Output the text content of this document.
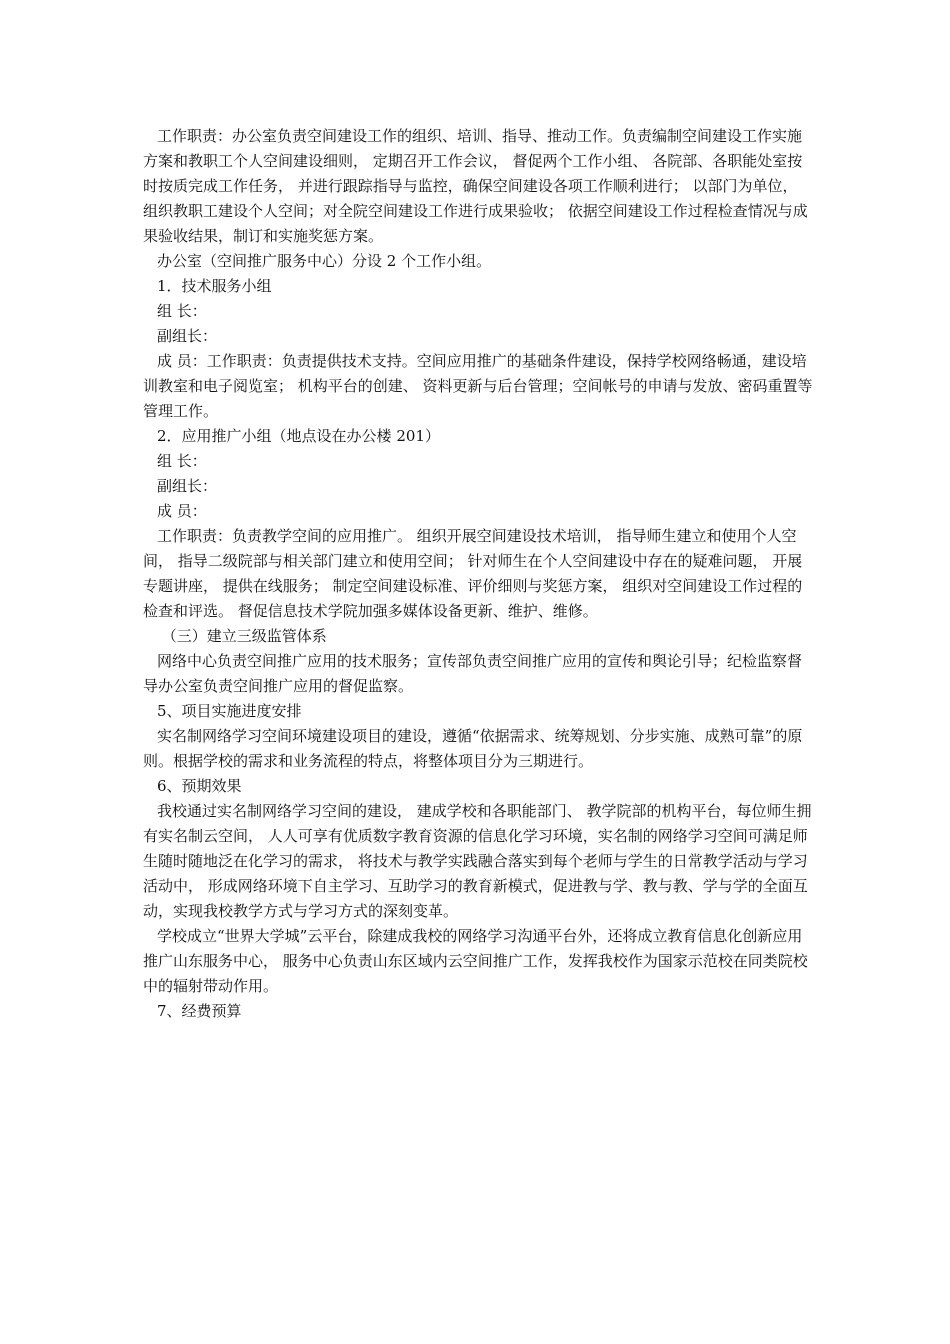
工作职责：办公室负责空间建设工作的组织、培训、指导、推动工作。负责编制空间建设工作实施方案和教职工个人空间建设细则， 定期召开工作会议， 督促两个工作小组、 各院部、各职能处室按时按质完成工作任务， 并进行跟踪指导与监控，确保空间建设各项工作顺利进行； 以部门为单位， 组织教职工建设个人空间；对全院空间建设工作进行成果验收； 依据空间建设工作过程检查情况与成果验收结果，制订和实施奖惩方案。

办公室（空间推广服务中心）分设 2 个工作小组。

1．技术服务小组

组 长：

副组长：

成 员：工作职责：负责提供技术支持。空间应用推广的基础条件建设，保持学校网络畅通，建设培训教室和电子阅览室； 机构平台的创建、 资料更新与后台管理；空间帐号的申请与发放、密码重置等管理工作。

2．应用推广小组（地点设在办公楼 201）

组 长：

副组长：

成 员：

工作职责：负责教学空间的应用推广。 组织开展空间建设技术培训， 指导师生建立和使用个人空间， 指导二级院部与相关部门建立和使用空间； 针对师生在个人空间建设中存在的疑难问题， 开展专题讲座， 提供在线服务； 制定空间建设标准、评价细则与奖惩方案， 组织对空间建设工作过程的检查和评选。 督促信息技术学院加强多媒体设备更新、维护、维修。

（三）建立三级监管体系

网络中心负责空间推广应用的技术服务；宣传部负责空间推广应用的宣传和舆论引导；纪检监察督导办公室负责空间推广应用的督促监察。

5、项目实施进度安排

实名制网络学习空间环境建设项目的建设，遵循“依据需求、统筹规划、分步实施、成熟可靠”的原则。根据学校的需求和业务流程的特点，将整体项目分为三期进行。

6、预期效果

我校通过实名制网络学习空间的建设， 建成学校和各职能部门、 教学院部的机构平台，每位师生拥有实名制云空间， 人人可享有优质数字教育资源的信息化学习环境，实名制的网络学习空间可满足师生随时随地泛在化学习的需求， 将技术与教学实践融合落实到每个老师与学生的日常教学活动与学习活动中， 形成网络环境下自主学习、互助学习的教育新模式，促进教与学、教与教、学与学的全面互动，实现我校教学方式与学习方式的深刻变革。

学校成立“世界大学城”云平台，除建成我校的网络学习沟通平台外，还将成立教育信息化创新应用推广山东服务中心， 服务中心负责山东区域内云空间推广工作，发挥我校作为国家示范校在同类院校中的辐射带动作用。

7、经费预算
